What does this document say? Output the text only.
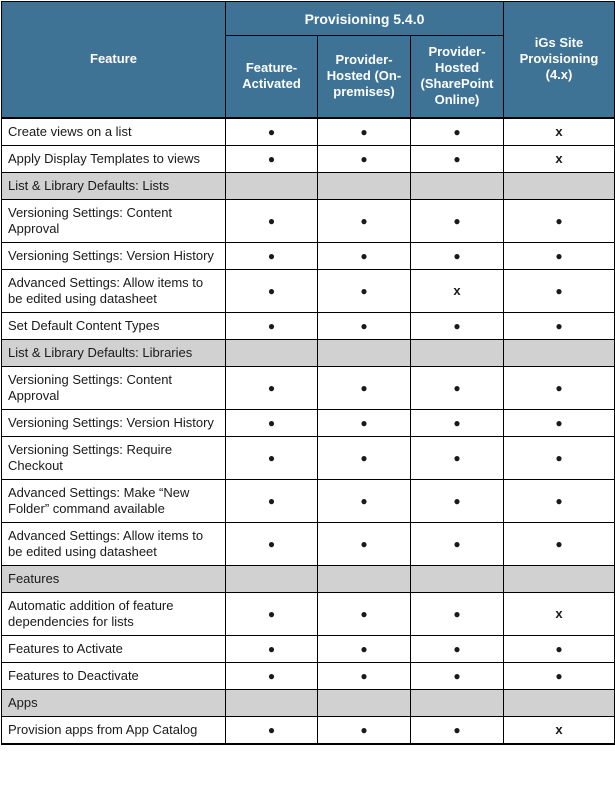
Feature	Provisioning 5.4.0			iGs Site Provisioning (4.x)
	Feature-Activated	Provider-Hosted (On-premises)	Provider-Hosted (SharePoint Online)	
Create views on a list	●	●	●	x
Apply Display Templates to views	●	●	●	x
List & Library Defaults: Lists				
Versioning Settings: Content Approval	●	●	●	●
Versioning Settings: Version History	●	●	●	●
Advanced Settings: Allow items to be edited using datasheet	●	●	x	●
Set Default Content Types	●	●	●	●
List & Library Defaults: Libraries				
Versioning Settings: Content Approval	●	●	●	●
Versioning Settings: Version History	●	●	●	●
Versioning Settings: Require Checkout	●	●	●	●
Advanced Settings: Make “New Folder” command available	●	●	●	●
Advanced Settings: Allow items to be edited using datasheet	●	●	●	●
Features				
Automatic addition of feature dependencies for lists	●	●	●	x
Features to Activate	●	●	●	●
Features to Deactivate	●	●	●	●
Apps				
Provision apps from App Catalog	●	●	●	x
